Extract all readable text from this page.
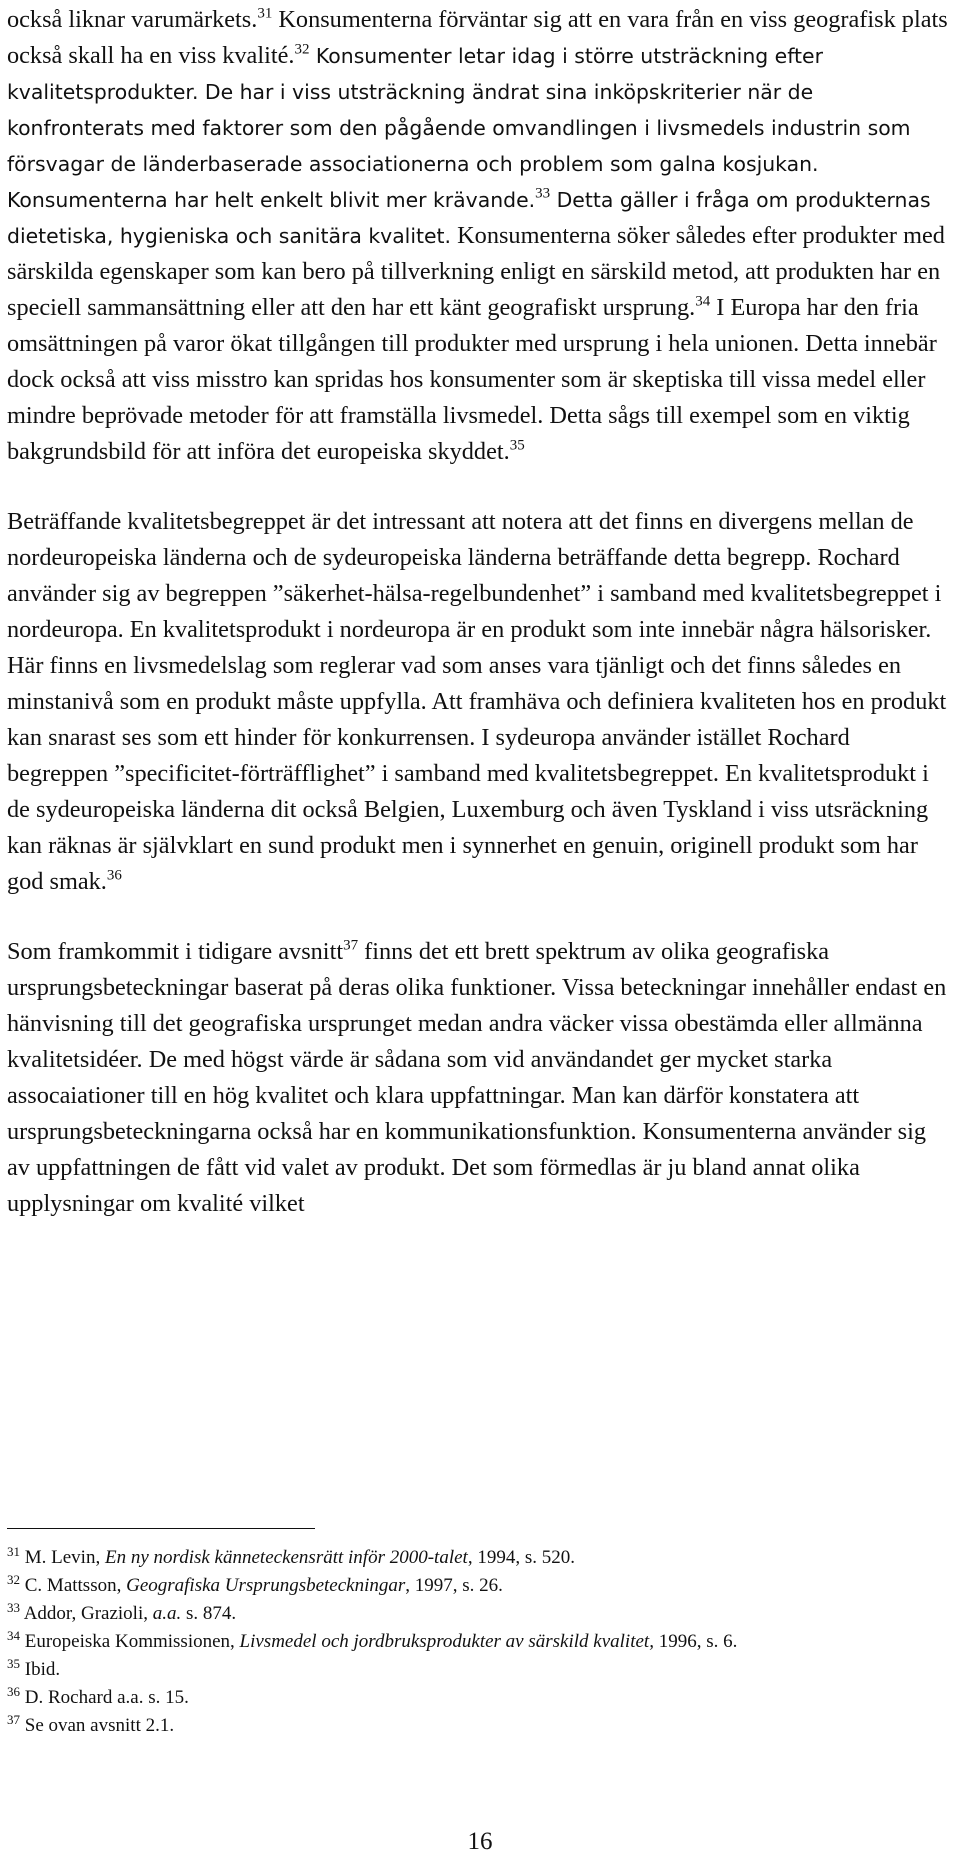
också liknar varumärkets.$^{31}$ Konsumenterna förväntar sig att en vara från en viss geografisk plats också skall ha en viss kvalité.$^{32}$ Konsumenter letar idag i större utsträckning efter kvalitetsprodukter. De har i viss utsträckning ändrat sina inköpskriterier när de konfronterats med faktorer som den pågående omvandlingen i livsmedels industrin som försvagar de länderbaserade associationerna och problem som galna kosjukan. Konsumenterna har helt enkelt blivit mer krävande.$^{33}$ Detta gäller i fråga om produkternas dietetiska, hygieniska och sanitära kvalitet. Konsumenterna söker således efter produkter med särskilda egenskaper som kan bero på tillverkning enligt en särskild metod, att produkten har en speciell sammansättning eller att den har ett känt geografiskt ursprung.$^{34}$ I Europa har den fria omsättningen på varor ökat tillgången till produkter med ursprung i hela unionen. Detta innebär dock också att viss misstro kan spridas hos konsumenter som är skeptiska till vissa medel eller mindre beprövade metoder för att framställa livsmedel. Detta sågs till exempel som en viktig bakgrundsbild för att införa det europeiska skyddet.$^{35}$

Beträffande kvalitetsbegreppet är det intressant att notera att det finns en divergens mellan de nordeuropeiska länderna och de sydeuropeiska länderna beträffande detta begrepp. Rochard använder sig av begreppen ”säkerhet-hälsa-regelbundenhet” i samband med kvalitetsbegreppet i nordeuropa. En kvalitetsprodukt i nordeuropa är en produkt som inte innebär några hälsorisker. Här finns en livsmedelslag som reglerar vad som anses vara tjänligt och det finns således en minstanivå som en produkt måste uppfylla. Att framhäva och definiera kvaliteten hos en produkt kan snarast ses som ett hinder för konkurrensen. I sydeuropa använder istället Rochard begreppen ”specificitet-förträfflighet” i samband med kvalitetsbegreppet. En kvalitetsprodukt i de sydeuropeiska länderna dit också Belgien, Luxemburg och även Tyskland i viss utsräckning kan räknas är självklart en sund produkt men i synnerhet en genuin, originell produkt som har god smak.$^{36}$

Som framkommit i tidigare avsnitt$^{37}$ finns det ett brett spektrum av olika geografiska ursprungsbeteckningar baserat på deras olika funktioner. Vissa beteckningar innehåller endast en hänvisning till det geografiska ursprunget medan andra väcker vissa obestämda eller allmänna kvalitetsidéer. De med högst värde är sådana som vid användandet ger mycket starka assocaiationer till en hög kvalitet och klara uppfattningar. Man kan därför konstatera att ursprungsbeteckningarna också har en kommunikationsfunktion. Konsumenterna använder sig av uppfattningen de fått vid valet av produkt. Det som förmedlas är ju bland annat olika upplysningar om kvalité vilket

$^{31}$ M. Levin, En ny nordisk känneteckensrätt inför 2000-talet, 1994, s. 520.

$^{32}$ C. Mattsson, Geografiska Ursprungsbeteckningar, 1997, s. 26.

$^{33}$ Addor, Grazioli, a.a. s. 874.

$^{34}$ Europeiska Kommissionen, Livsmedel och jordbruksprodukter av särskild kvalitet, 1996, s. 6.

$^{35}$ Ibid.

$^{36}$ D. Rochard a.a. s. 15.

$^{37}$ Se ovan avsnitt 2.1.

16
